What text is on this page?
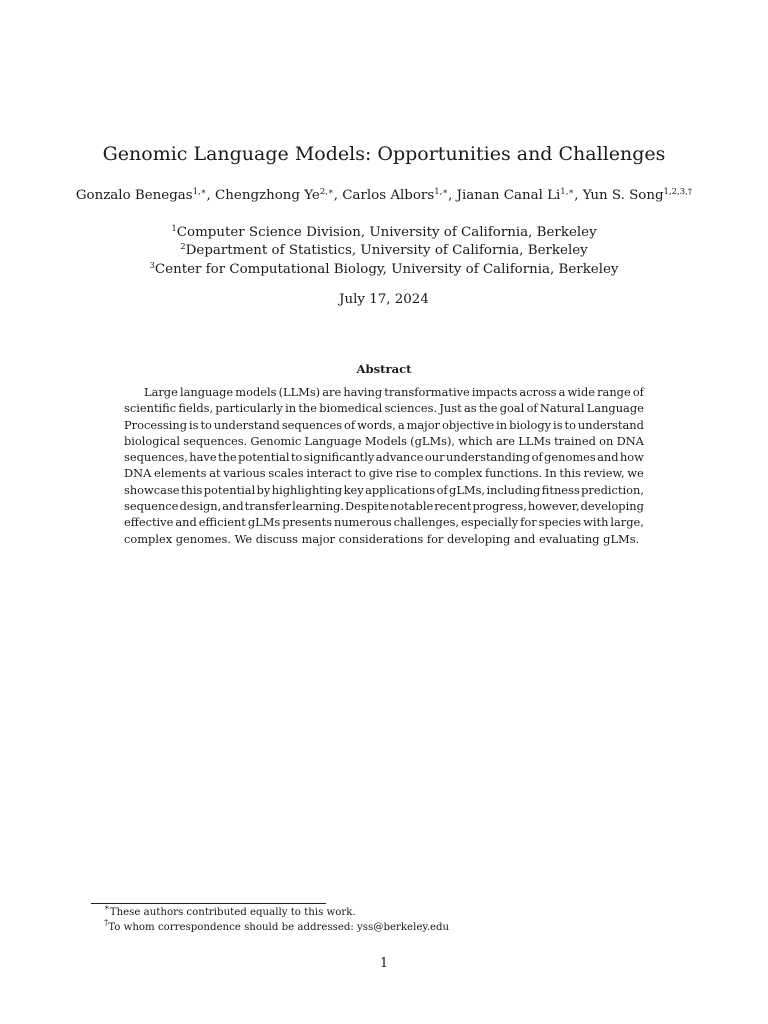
Genomic Language Models: Opportunities and Challenges
Gonzalo Benegas$^{1,∗}$, Chengzhong $Ye^{2,∗}$, Carlos Albors$^{1,∗}$, Jianan Canal $Li^{1,∗}$, Yun S. Song$^{1,2,3,\dagger}$
$^1$Computer Science Division, University of California, Berkeley
$^2$Department of Statistics, University of California, Berkeley
$^3$Center for Computational Biology, University of California, Berkeley
July 17, 2024
Abstract
Large language models (LLMs) are having transformative impacts across a wide range of
scientific fields, particularly in the biomedical sciences. Just as the goal of Natural Language
Processing is to understand sequences of words, a major objective in biology is to understand
biological sequences. Genomic Language Models (gLMs), which are LLMs trained on DNA
sequences, have the potential to significantly advance our understanding of genomes and how
DNA elements at various scales interact to give rise to complex functions. In this review, we
showcase this potential by highlighting key applications of gLMs, including fitness prediction,
sequence design, and transfer learning. Despite notable recent progress, however, developing
effective and efficient gLMs presents numerous challenges, especially for species with large,
complex genomes. We discuss major considerations for developing and evaluating gLMs.
∗These authors contributed equally to this work.
†To whom correspondence should be addressed: yss@berkeley.edu
1
